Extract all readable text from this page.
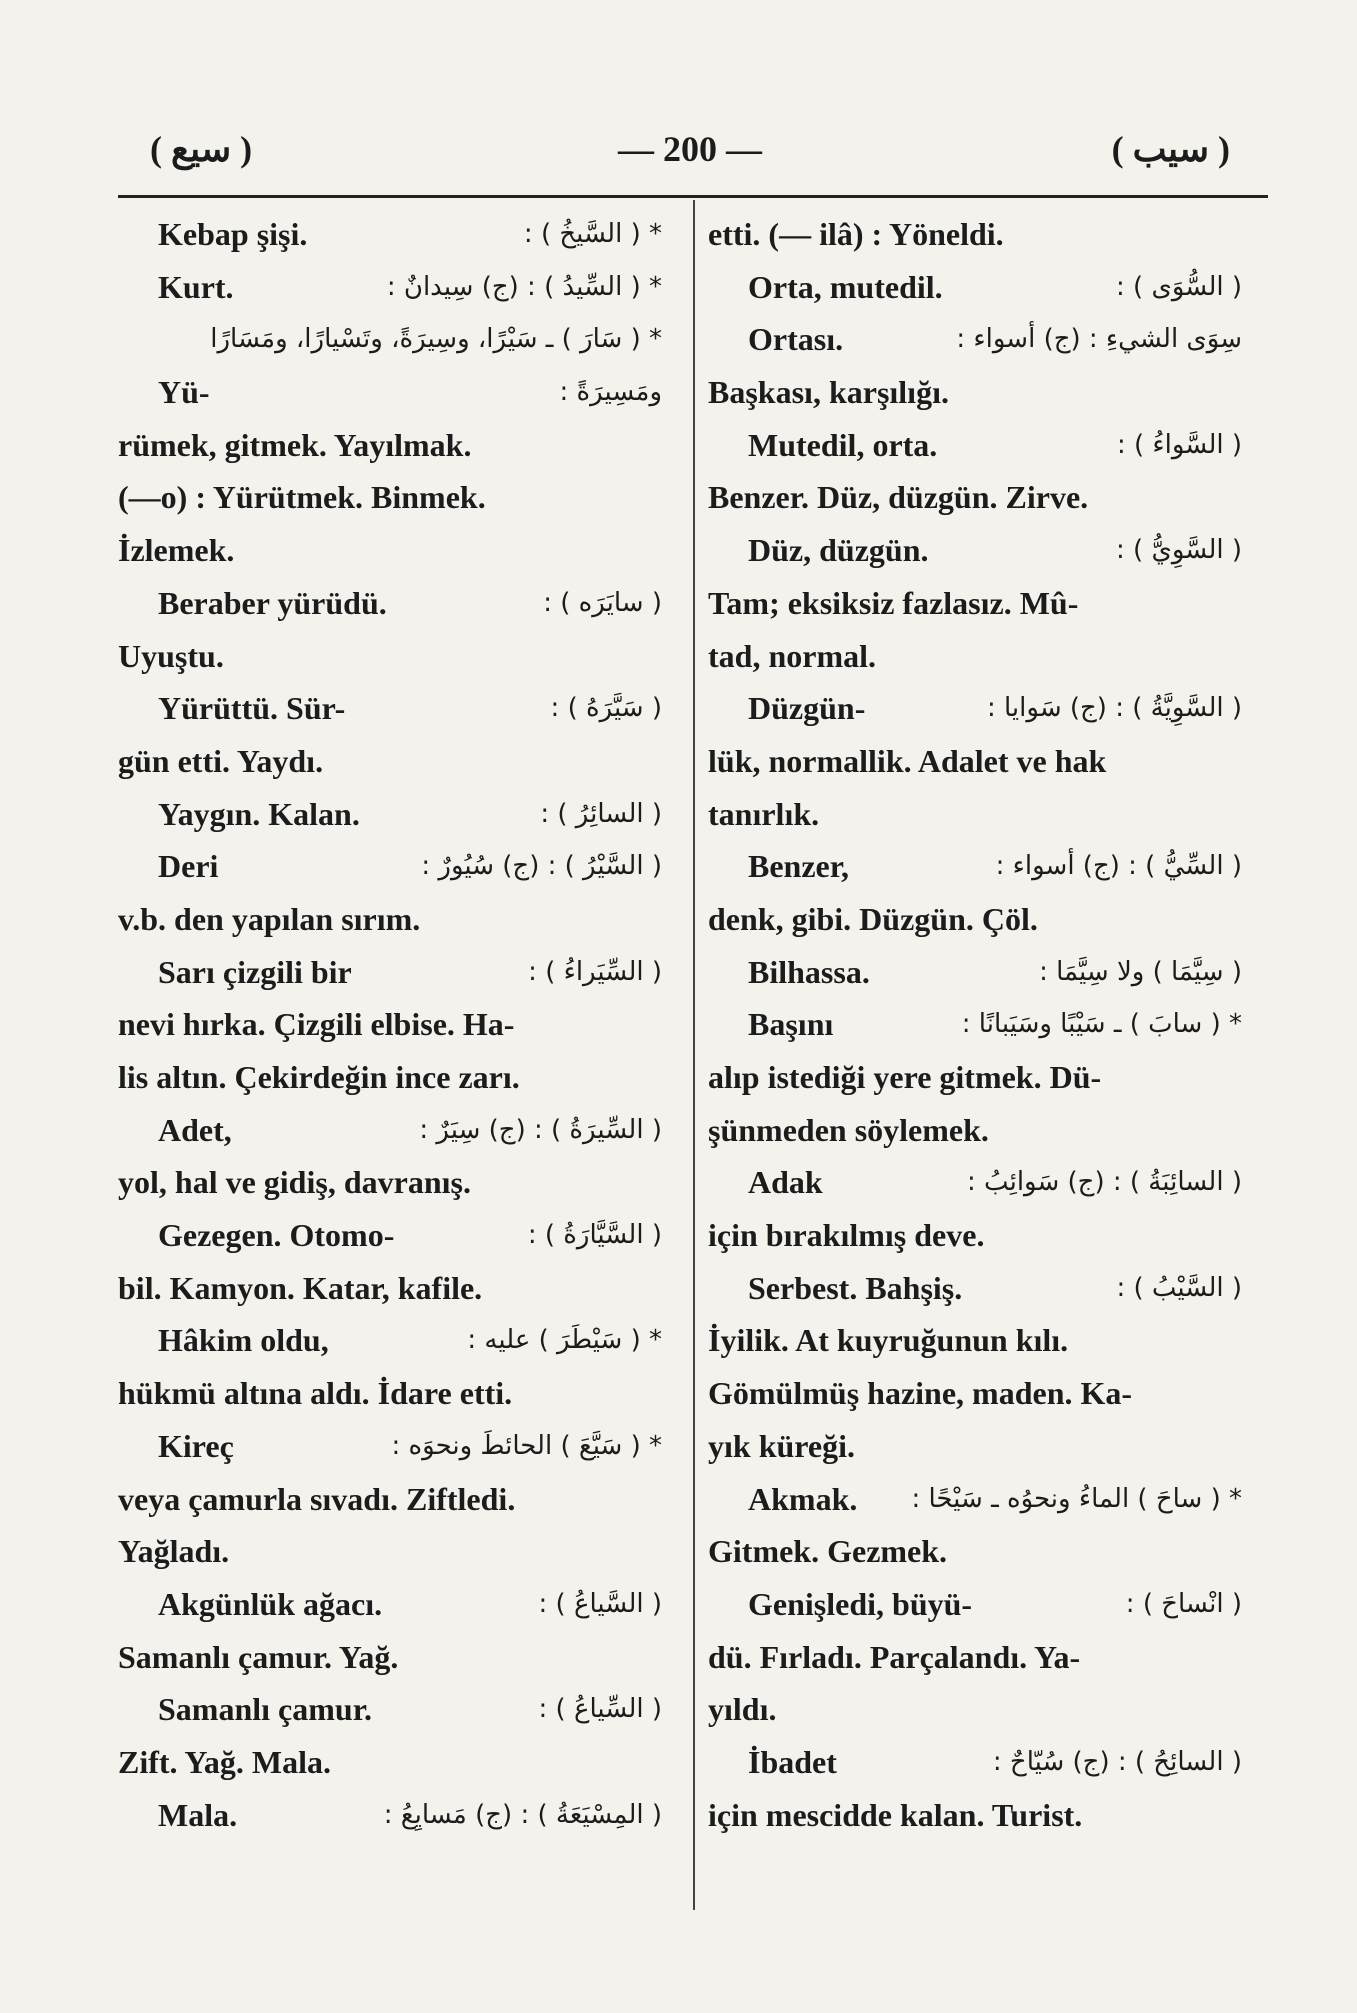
( سيع )	— 200 —	( سيب )
Kebap şişi.	* ( السَّيخُ ) :
Kurt.	* ( السِّيدُ ) : (ج) سِيدانٌ :
* ( سَارَ ) ـ سَيْرًا، وسِيرَةً، وتَسْيارًا، ومَسَارًا
Yü-	ومَسِيرَةً :
rümek, gitmek. Yayılmak.
(—o) : Yürütmek. Binmek.
İzlemek.
Beraber yürüdü.	( سايَرَه ) :
Uyuştu.
Yürüttü. Sür-	( سَيَّرَهُ ) :
gün etti. Yaydı.
Yaygın. Kalan.	( السائِرُ ) :
Deri	( السَّيْرُ ) : (ج) سُيُورٌ :
v.b. den yapılan sırım.
Sarı çizgili bir	( السِّيَراءُ ) :
nevi hırka. Çizgili elbise. Ha-
lis altın. Çekirdeğin ince zarı.
Adet,	( السِّيرَةُ ) : (ج) سِيَرٌ :
yol, hal ve gidiş, davranış.
Gezegen. Otomo-	( السَّيَّارَةُ ) :
bil. Kamyon. Katar, kafile.
Hâkim oldu,	* ( سَيْطَرَ ) عليه :
hükmü altına aldı. İdare etti.
Kireç	* ( سَيَّعَ ) الحائطَ ونحوَه :
veya çamurla sıvadı. Ziftledi.
Yağladı.
Akgünlük ağacı.	( السَّياعُ ) :
Samanlı çamur. Yağ.
Samanlı çamur.	( السِّياعُ ) :
Zift. Yağ. Mala.
Mala.	( المِسْيَعَةُ ) : (ج) مَسايِعُ :
etti. (— ilâ) : Yöneldi.
Orta, mutedil.	( السُّوَى ) :
Ortası.	سِوَى الشيءِ : (ج) أسواء :
Başkası, karşılığı.
Mutedil, orta.	( السَّواءُ ) :
Benzer. Düz, düzgün. Zirve.
Düz, düzgün.	( السَّوِيُّ ) :
Tam; eksiksiz fazlasız. Mû-
tad, normal.
Düzgün-	( السَّوِيَّةُ ) : (ج) سَوايا :
lük, normallik. Adalet ve hak
tanırlık.
Benzer,	( السِّيُّ ) : (ج) أسواء :
denk, gibi. Düzgün. Çöl.
Bilhassa.	( سِيَّمَا ) ولا سِيَّمَا :
Başını	* ( سابَ ) ـ سَيْبًا وسَيَبانًا :
alıp istediği yere gitmek. Dü-
şünmeden söylemek.
Adak	( السائِبَةُ ) : (ج) سَوائِبُ :
için bırakılmış deve.
Serbest. Bahşiş.	( السَّيْبُ ) :
İyilik. At kuyruğunun kılı.
Gömülmüş hazine, maden. Ka-
yık küreği.
Akmak. * ( ساحَ ) الماءُ ونحوُه ـ سَيْحًا :
Gitmek. Gezmek.
Genişledi, büyü-	( انْساحَ ) :
dü. Fırladı. Parçalandı. Ya-
yıldı.
İbadet	( السائِحُ ) : (ج) سُيّاحٌ :
için mescidde kalan. Turist.
